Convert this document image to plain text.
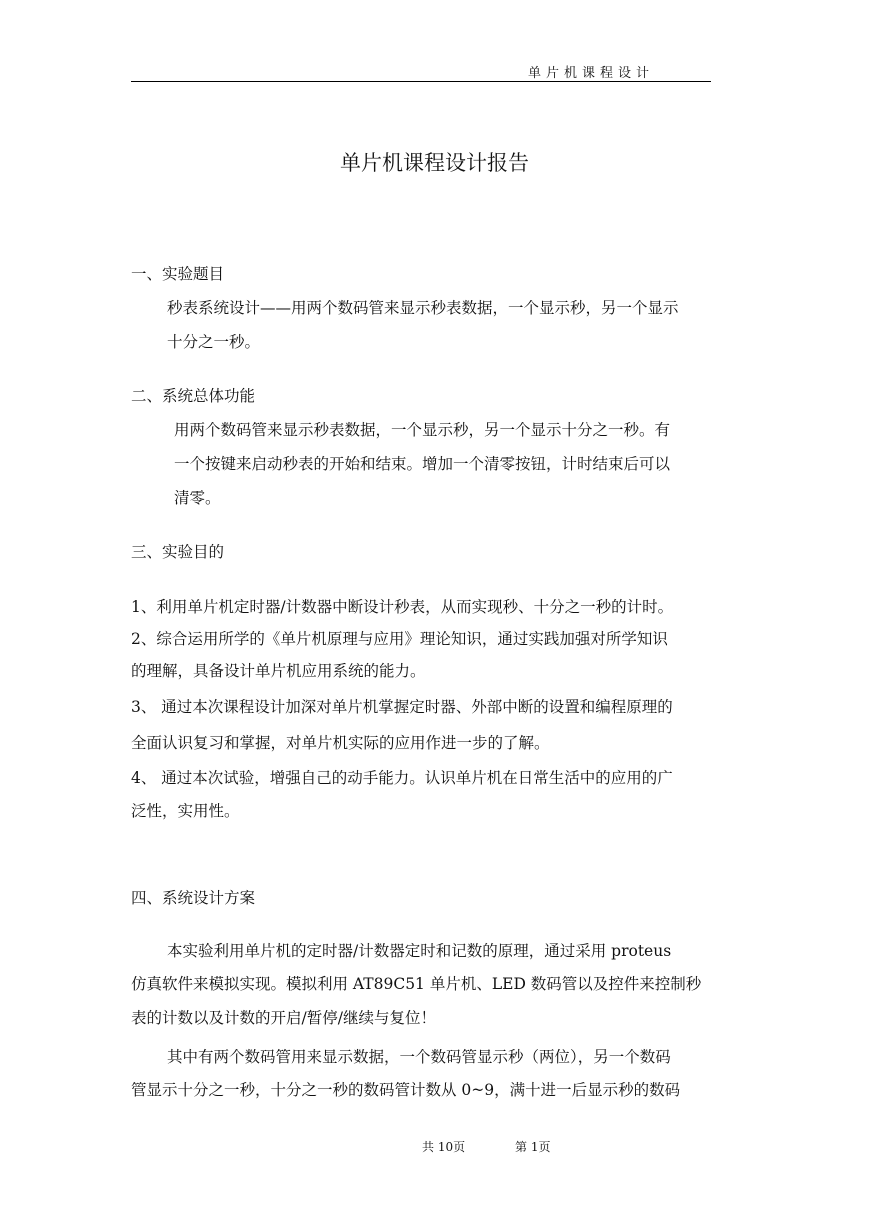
单片机课程设计
单片机课程设计报告
一、实验题目
秒表系统设计——用两个数码管来显示秒表数据，一个显示秒，另一个显示
十分之一秒。
二、系统总体功能
用两个数码管来显示秒表数据，一个显示秒，另一个显示十分之一秒。有
一个按键来启动秒表的开始和结束。增加一个清零按钮，计时结束后可以
清零。
三、实验目的
1、利用单片机定时器/计数器中断设计秒表，从而实现秒、十分之一秒的计时。
2、综合运用所学的《单片机原理与应用》理论知识，通过实践加强对所学知识
的理解，具备设计单片机应用系统的能力。
3、 通过本次课程设计加深对单片机掌握定时器、外部中断的设置和编程原理的
全面认识复习和掌握，对单片机实际的应用作进一步的了解。
4、 通过本次试验，增强自己的动手能力。认识单片机在日常生活中的应用的广
泛性，实用性。
四、系统设计方案
本实验利用单片机的定时器/计数器定时和记数的原理，通过采用 proteus
仿真软件来模拟实现。模拟利用 AT89C51 单片机、LED 数码管以及控件来控制秒
表的计数以及计数的开启/暂停/继续与复位！
其中有两个数码管用来显示数据，一个数码管显示秒（两位），另一个数码
管显示十分之一秒，十分之一秒的数码管计数从 0~9，满十进一后显示秒的数码
共 10页	第 1页
